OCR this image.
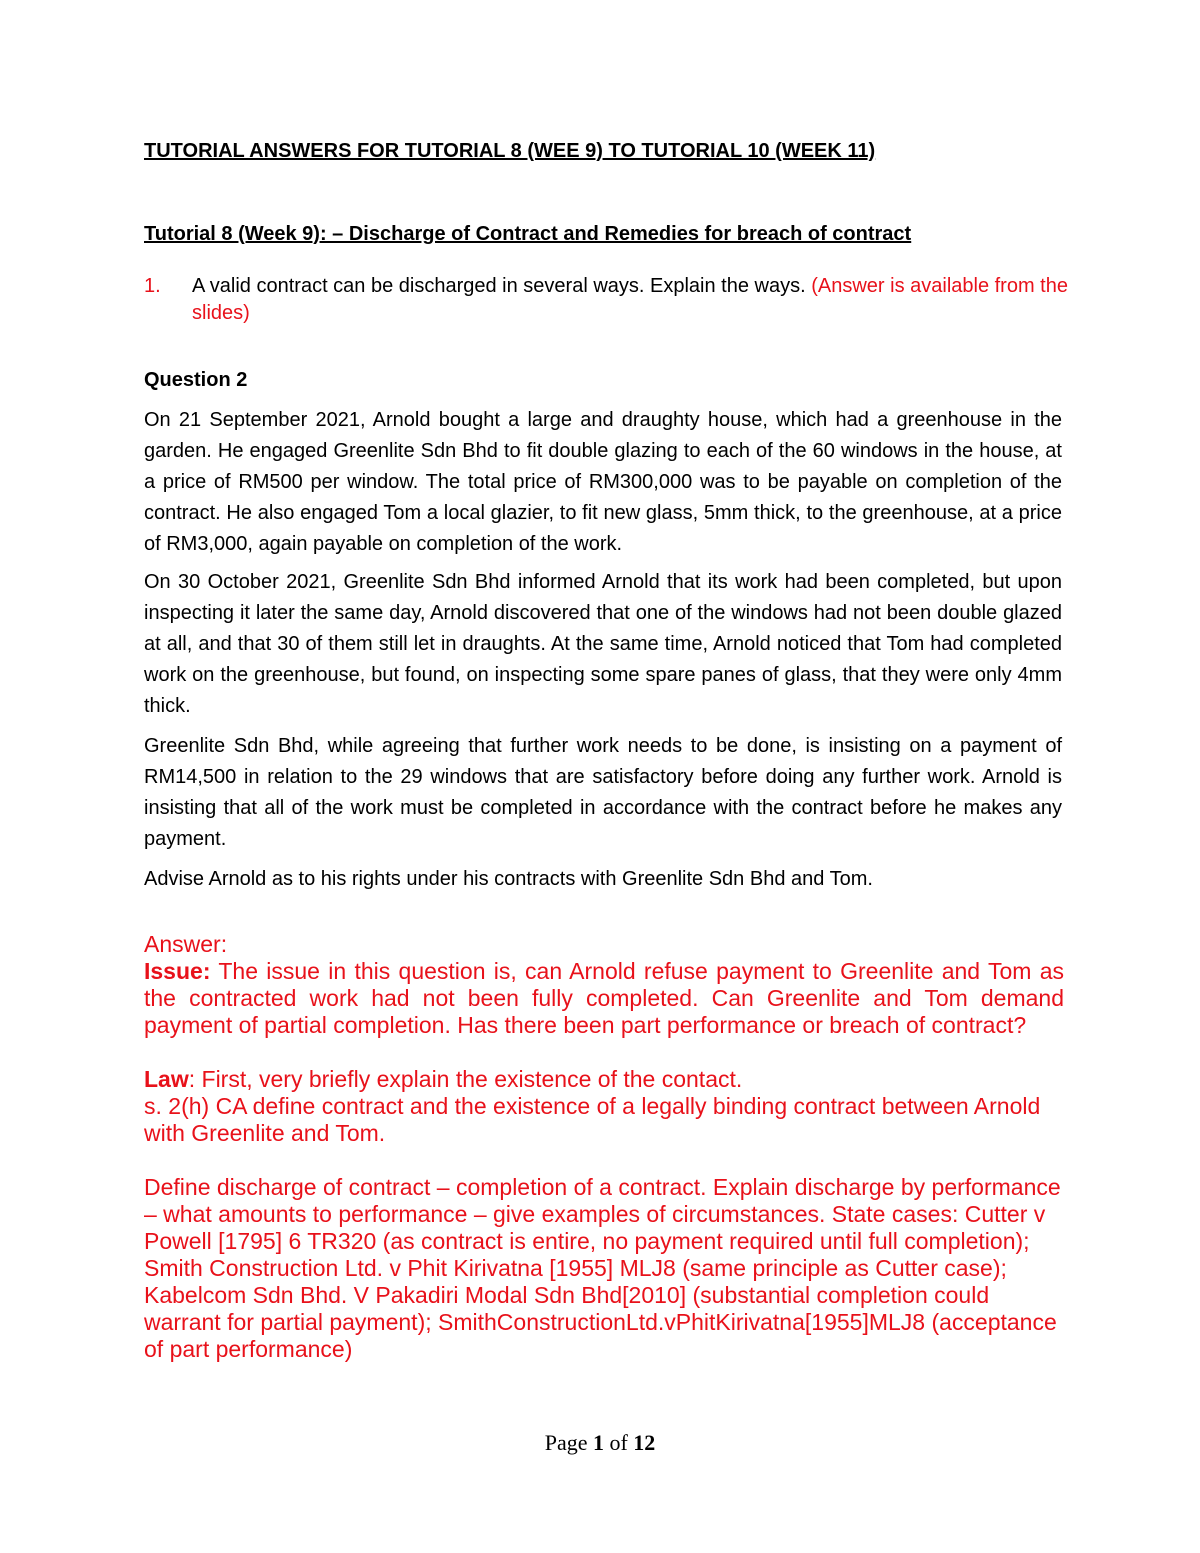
TUTORIAL ANSWERS FOR TUTORIAL 8 (WEE 9) TO TUTORIAL 10 (WEEK 11)
Tutorial 8 (Week 9): – Discharge of Contract and Remedies for breach of contract
1. A valid contract can be discharged in several ways. Explain the ways. (Answer is available from the slides)
Question 2
On 21 September 2021, Arnold bought a large and draughty house, which had a greenhouse in the garden. He engaged Greenlite Sdn Bhd to fit double glazing to each of the 60 windows in the house, at a price of RM500 per window. The total price of RM300,000 was to be payable on completion of the contract. He also engaged Tom a local glazier, to fit new glass, 5mm thick, to the greenhouse, at a price of RM3,000, again payable on completion of the work.
On 30 October 2021, Greenlite Sdn Bhd informed Arnold that its work had been completed, but upon inspecting it later the same day, Arnold discovered that one of the windows had not been double glazed at all, and that 30 of them still let in draughts. At the same time, Arnold noticed that Tom had completed work on the greenhouse, but found, on inspecting some spare panes of glass, that they were only 4mm thick.
Greenlite Sdn Bhd, while agreeing that further work needs to be done, is insisting on a payment of RM14,500 in relation to the 29 windows that are satisfactory before doing any further work. Arnold is insisting that all of the work must be completed in accordance with the contract before he makes any payment.
Advise Arnold as to his rights under his contracts with Greenlite Sdn Bhd and Tom.
Answer:
Issue: The issue in this question is, can Arnold refuse payment to Greenlite and Tom as the contracted work had not been fully completed. Can Greenlite and Tom demand payment of partial completion. Has there been part performance or breach of contract?
Law: First, very briefly explain the existence of the contact.
s. 2(h) CA define contract and the existence of a legally binding contract between Arnold with Greenlite and Tom.
Define discharge of contract – completion of a contract. Explain discharge by performance – what amounts to performance – give examples of circumstances. State cases: Cutter v Powell [1795] 6 TR320 (as contract is entire, no payment required until full completion); Smith Construction Ltd. v Phit Kirivatna [1955] MLJ8 (same principle as Cutter case); Kabelcom Sdn Bhd. V Pakadiri Modal Sdn Bhd[2010] (substantial completion could warrant for partial payment); SmithConstructionLtd.vPhitKirivatna[1955]MLJ8 (acceptance of part performance)
Page 1 of 12
